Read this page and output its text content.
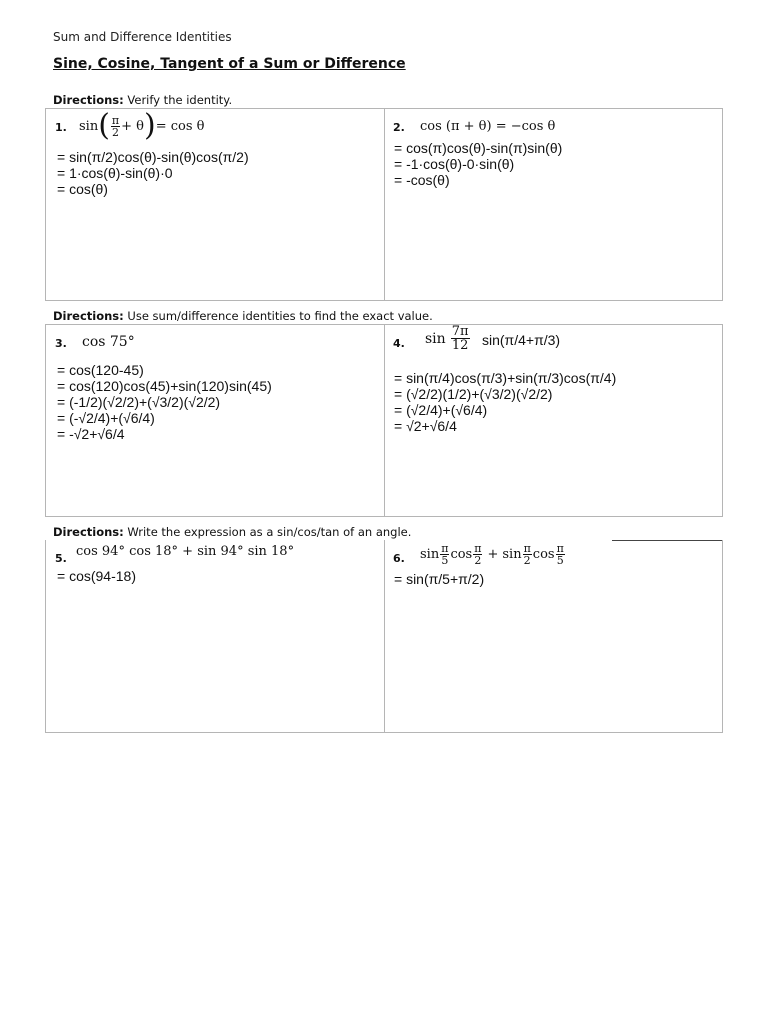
Sum and Difference Identities
Sine, Cosine, Tangent of a Sum or Difference
Directions: Verify the identity.
1. sin ( $\frac{\pi}{2} + \theta$ ) = cos θ
= sin(π/2)cos(θ)-sin(θ)cos(π/2)
= 1·cos(θ)-sin(θ)·0
= cos(θ)
2. cos (π + θ) = −cos θ
= cos(π)cos(θ)-sin(π)sin(θ)
= -1·cos(θ)-0·sin(θ)
= -cos(θ)
Directions: Use sum/difference identities to find the exact value.
3. cos 75°
= cos(120-45)
= cos(120)cos(45)+sin(120)sin(45)
= (-1/2)(√2/2)+(√3/2)(√2/2)
= (-√2/4)+(√6/4)
= -√2+√6/4
4. $\sin \frac{7\pi}{12} \sin(\pi/4+\pi/3)$
= sin(π/4)cos(π/3)+sin(π/3)cos(π/4)
= (√2/2)(1/2)+(√3/2)(√2/2)
= (√2/4)+(√6/4)
= √2+√6/4
Directions: Write the expression as a sin/cos/tan of an angle.
5. cos 94° cos 18° + sin 94° sin 18°
= cos(94-18)
6. $\sin \frac{\pi}{5}$ $\cos \frac{\pi}{2} + \sin \frac{\pi}{2}$ $\cos \frac{\pi}{5}$
= sin(π/5+π/2)
